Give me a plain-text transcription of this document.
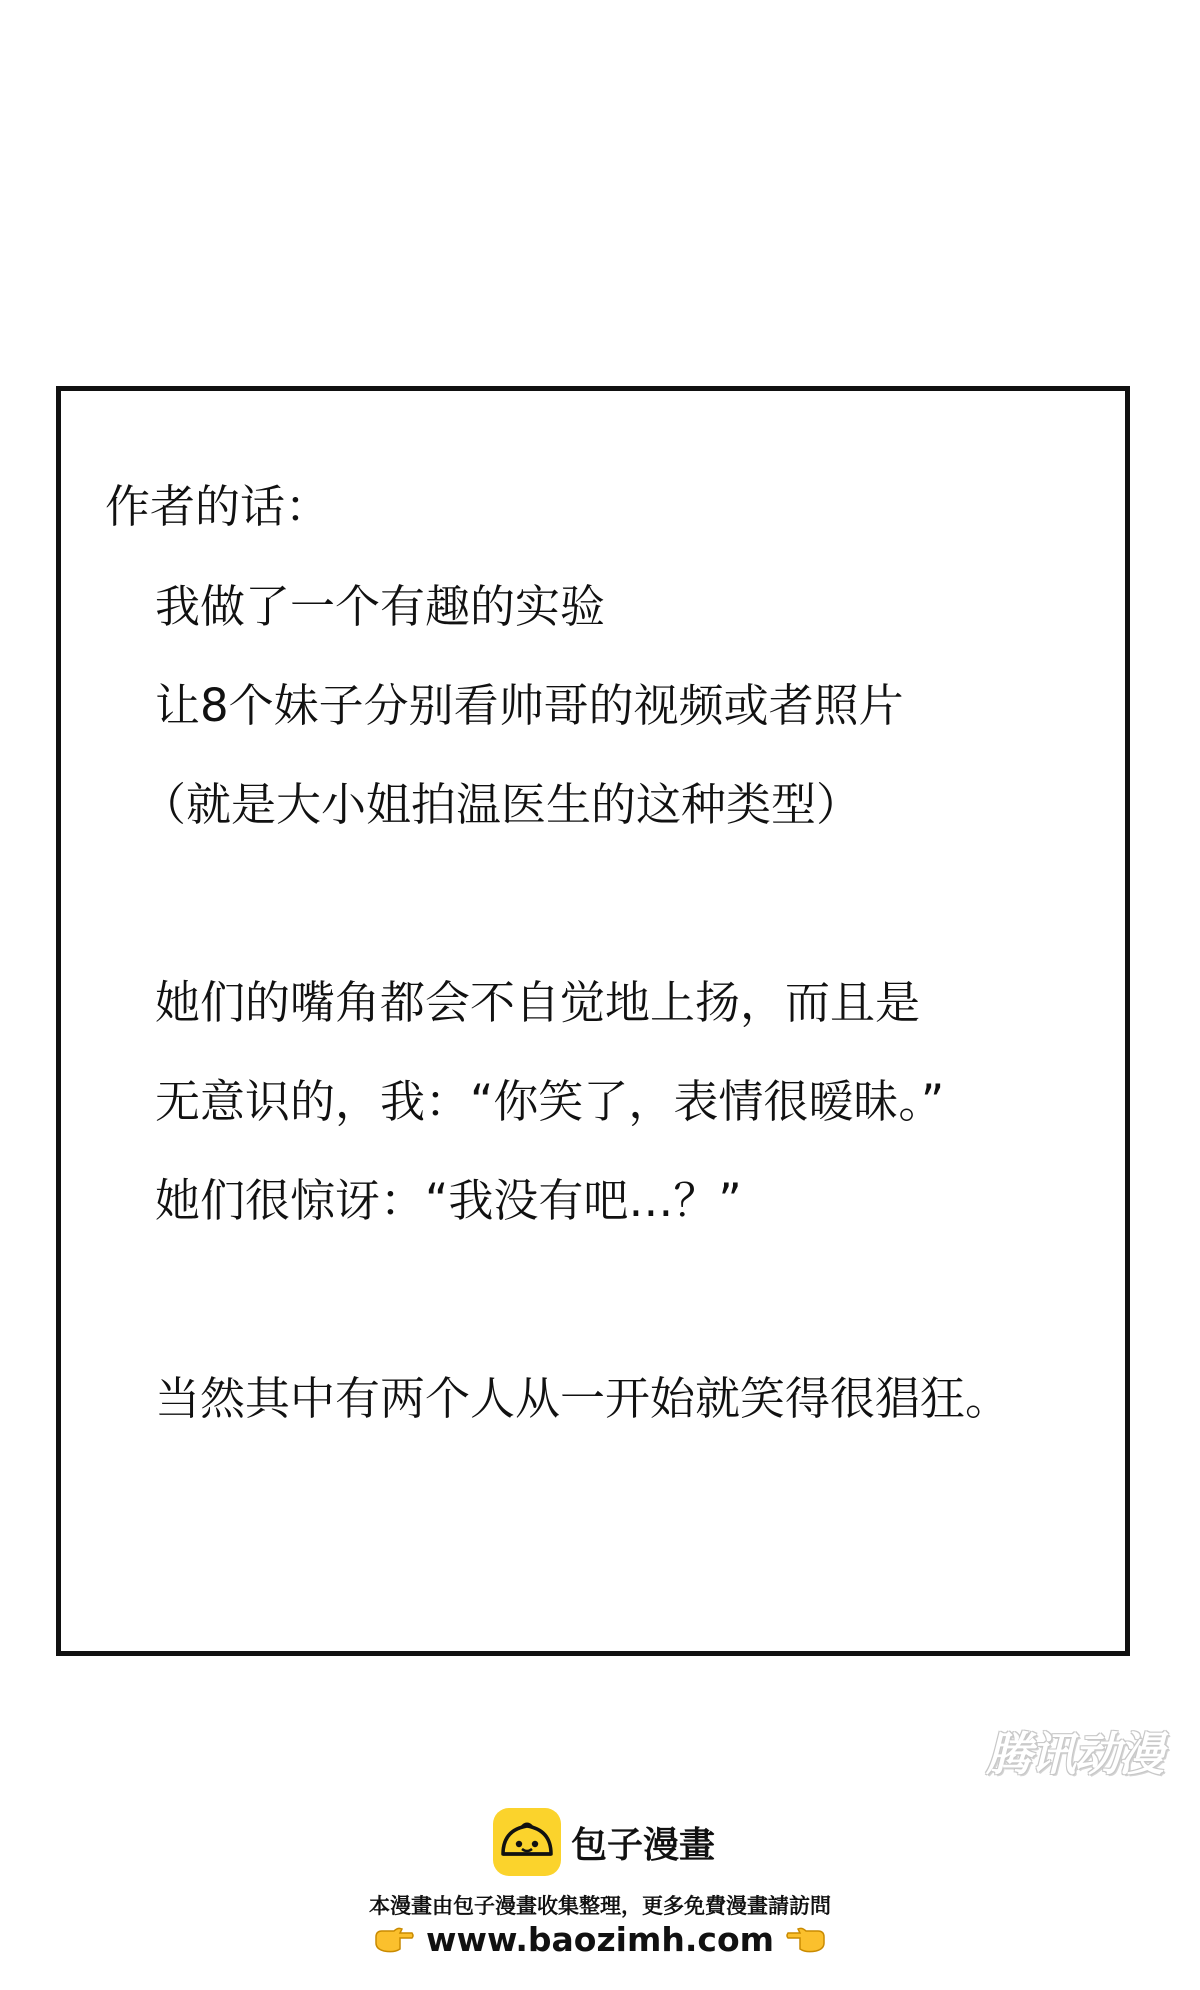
作者的话：

我做了一个有趣的实验

让8个妹子分别看帅哥的视频或者照片

（就是大小姐拍温医生的这种类型）

她们的嘴角都会不自觉地上扬，而且是

无意识的，我：“你笑了，表情很暧昧。”

她们很惊讶：“我没有吧…？”

当然其中有两个人从一开始就笑得很猖狂。

腾讯动漫
包子漫畫
本漫畫由包子漫畫收集整理，更多免費漫畫請訪問
www.baozimh.com
